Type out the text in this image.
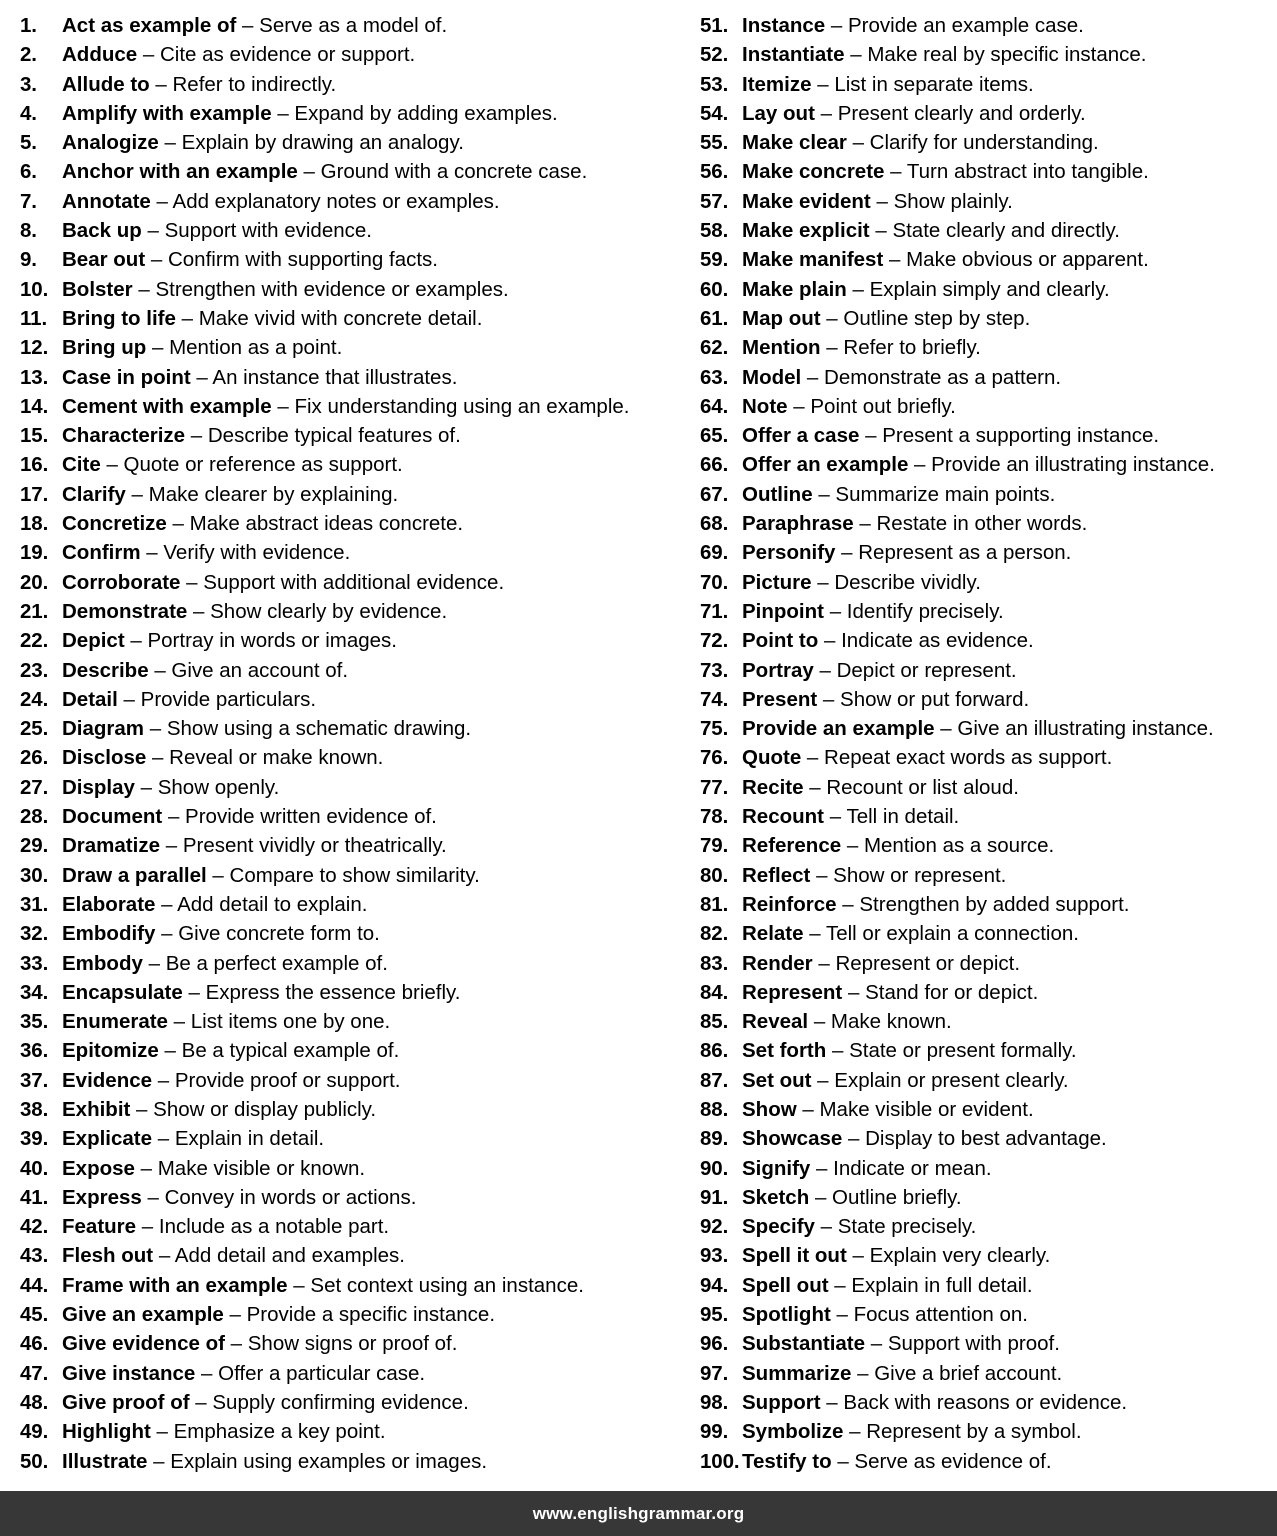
1.	Act as example of – Serve as a model of.
2.	Adduce – Cite as evidence or support.
3.	Allude to – Refer to indirectly.
4.	Amplify with example – Expand by adding examples.
5.	Analogize – Explain by drawing an analogy.
6.	Anchor with an example – Ground with a concrete case.
7.	Annotate – Add explanatory notes or examples.
8.	Back up – Support with evidence.
9.	Bear out – Confirm with supporting facts.
10. Bolster – Strengthen with evidence or examples.
11. Bring to life – Make vivid with concrete detail.
12. Bring up – Mention as a point.
13. Case in point – An instance that illustrates.
14. Cement with example – Fix understanding using an example.
15. Characterize – Describe typical features of.
16. Cite – Quote or reference as support.
17. Clarify – Make clearer by explaining.
18. Concretize – Make abstract ideas concrete.
19. Confirm – Verify with evidence.
20. Corroborate – Support with additional evidence.
21. Demonstrate – Show clearly by evidence.
22. Depict – Portray in words or images.
23. Describe – Give an account of.
24. Detail – Provide particulars.
25. Diagram – Show using a schematic drawing.
26. Disclose – Reveal or make known.
27. Display – Show openly.
28. Document – Provide written evidence of.
29. Dramatize – Present vividly or theatrically.
30. Draw a parallel – Compare to show similarity.
31. Elaborate – Add detail to explain.
32. Embodify – Give concrete form to.
33. Embody – Be a perfect example of.
34. Encapsulate – Express the essence briefly.
35. Enumerate – List items one by one.
36. Epitomize – Be a typical example of.
37. Evidence – Provide proof or support.
38. Exhibit – Show or display publicly.
39. Explicate – Explain in detail.
40. Expose – Make visible or known.
41. Express – Convey in words or actions.
42. Feature – Include as a notable part.
43. Flesh out – Add detail and examples.
44. Frame with an example – Set context using an instance.
45. Give an example – Provide a specific instance.
46. Give evidence of – Show signs or proof of.
47. Give instance – Offer a particular case.
48. Give proof of – Supply confirming evidence.
49. Highlight – Emphasize a key point.
50. Illustrate – Explain using examples or images.
51. Instance – Provide an example case.
52. Instantiate – Make real by specific instance.
53. Itemize – List in separate items.
54. Lay out – Present clearly and orderly.
55. Make clear – Clarify for understanding.
56. Make concrete – Turn abstract into tangible.
57. Make evident – Show plainly.
58. Make explicit – State clearly and directly.
59. Make manifest – Make obvious or apparent.
60. Make plain – Explain simply and clearly.
61. Map out – Outline step by step.
62. Mention – Refer to briefly.
63. Model – Demonstrate as a pattern.
64. Note – Point out briefly.
65. Offer a case – Present a supporting instance.
66. Offer an example – Provide an illustrating instance.
67. Outline – Summarize main points.
68. Paraphrase – Restate in other words.
69. Personify – Represent as a person.
70. Picture – Describe vividly.
71. Pinpoint – Identify precisely.
72. Point to – Indicate as evidence.
73. Portray – Depict or represent.
74. Present – Show or put forward.
75. Provide an example – Give an illustrating instance.
76. Quote – Repeat exact words as support.
77. Recite – Recount or list aloud.
78. Recount – Tell in detail.
79. Reference – Mention as a source.
80. Reflect – Show or represent.
81. Reinforce – Strengthen by added support.
82. Relate – Tell or explain a connection.
83. Render – Represent or depict.
84. Represent – Stand for or depict.
85. Reveal – Make known.
86. Set forth – State or present formally.
87. Set out – Explain or present clearly.
88. Show – Make visible or evident.
89. Showcase – Display to best advantage.
90. Signify – Indicate or mean.
91. Sketch – Outline briefly.
92. Specify – State precisely.
93. Spell it out – Explain very clearly.
94. Spell out – Explain in full detail.
95. Spotlight – Focus attention on.
96. Substantiate – Support with proof.
97. Summarize – Give a brief account.
98. Support – Back with reasons or evidence.
99. Symbolize – Represent by a symbol.
100. Testify to – Serve as evidence of.
www.englishgrammar.org
